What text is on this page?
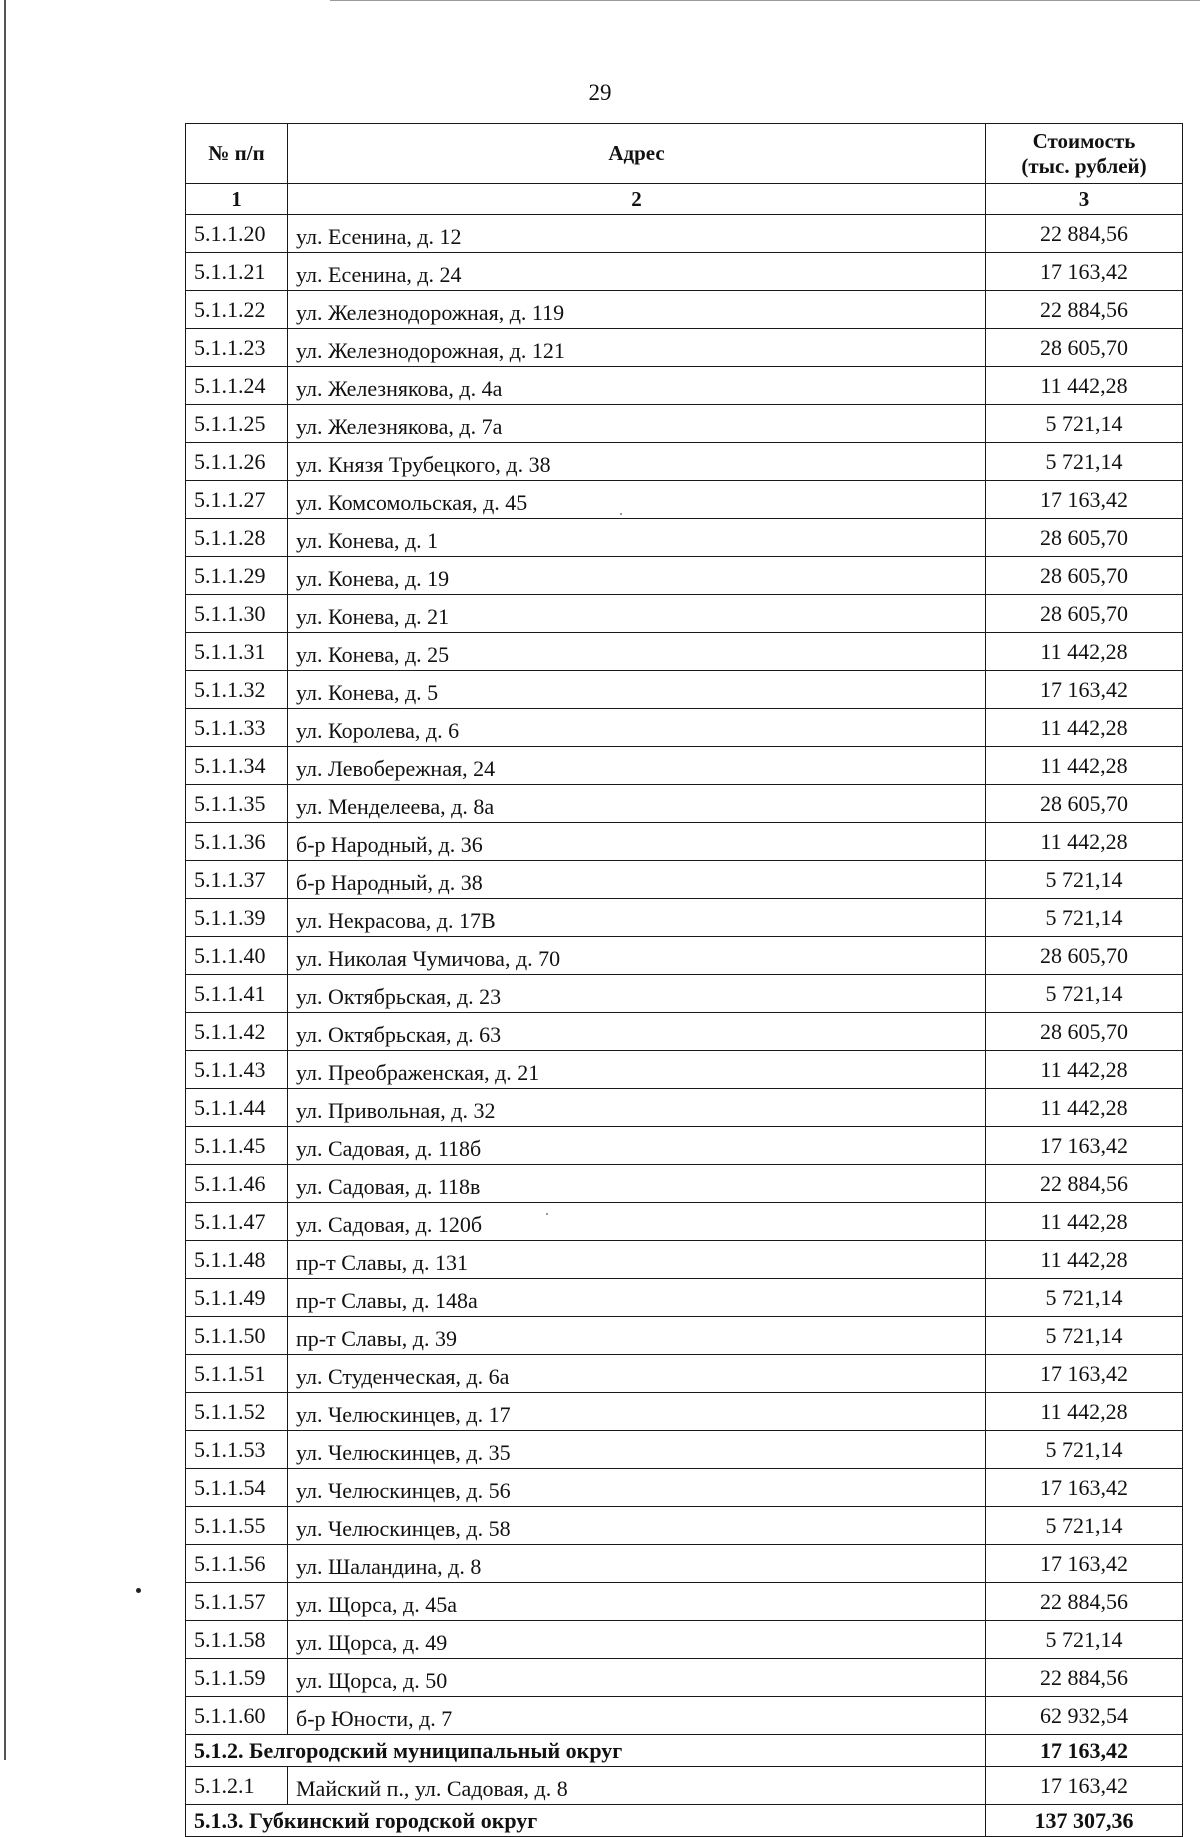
29
№ п/п	Адрес	Стоимость
(тыс. рублей)
1	2	3
5.1.1.20	ул. Есенина, д. 12	22 884,56
5.1.1.21	ул. Есенина, д. 24	17 163,42
5.1.1.22	ул. Железнодорожная, д. 119	22 884,56
5.1.1.23	ул. Железнодорожная, д. 121	28 605,70
5.1.1.24	ул. Железнякова, д. 4а	11 442,28
5.1.1.25	ул. Железнякова, д. 7а	5 721,14
5.1.1.26	ул. Князя Трубецкого, д. 38	5 721,14
5.1.1.27	ул. Комсомольская, д. 45	17 163,42
5.1.1.28	ул. Конева, д. 1	28 605,70
5.1.1.29	ул. Конева, д. 19	28 605,70
5.1.1.30	ул. Конева, д. 21	28 605,70
5.1.1.31	ул. Конева, д. 25	11 442,28
5.1.1.32	ул. Конева, д. 5	17 163,42
5.1.1.33	ул. Королева, д. 6	11 442,28
5.1.1.34	ул. Левобережная, 24	11 442,28
5.1.1.35	ул. Менделеева, д. 8а	28 605,70
5.1.1.36	б-р Народный, д. 36	11 442,28
5.1.1.37	б-р Народный, д. 38	5 721,14
5.1.1.39	ул. Некрасова, д. 17В	5 721,14
5.1.1.40	ул. Николая Чумичова, д. 70	28 605,70
5.1.1.41	ул. Октябрьская, д. 23	5 721,14
5.1.1.42	ул. Октябрьская, д. 63	28 605,70
5.1.1.43	ул. Преображенская, д. 21	11 442,28
5.1.1.44	ул. Привольная, д. 32	11 442,28
5.1.1.45	ул. Садовая, д. 118б	17 163,42
5.1.1.46	ул. Садовая, д. 118в	22 884,56
5.1.1.47	ул. Садовая, д. 120б	11 442,28
5.1.1.48	пр-т Славы, д. 131	11 442,28
5.1.1.49	пр-т Славы, д. 148а	5 721,14
5.1.1.50	пр-т Славы, д. 39	5 721,14
5.1.1.51	ул. Студенческая, д. 6а	17 163,42
5.1.1.52	ул. Челюскинцев, д. 17	11 442,28
5.1.1.53	ул. Челюскинцев, д. 35	5 721,14
5.1.1.54	ул. Челюскинцев, д. 56	17 163,42
5.1.1.55	ул. Челюскинцев, д. 58	5 721,14
5.1.1.56	ул. Шаландина, д. 8	17 163,42
5.1.1.57	ул. Щорса, д. 45а	22 884,56
5.1.1.58	ул. Щорса, д. 49	5 721,14
5.1.1.59	ул. Щорса, д. 50	22 884,56
5.1.1.60	б-р Юности, д. 7	62 932,54
5.1.2. Белгородский муниципальный округ		17 163,42
5.1.2.1	Майский п., ул. Садовая, д. 8	17 163,42
5.1.3. Губкинский городской округ		137 307,36
